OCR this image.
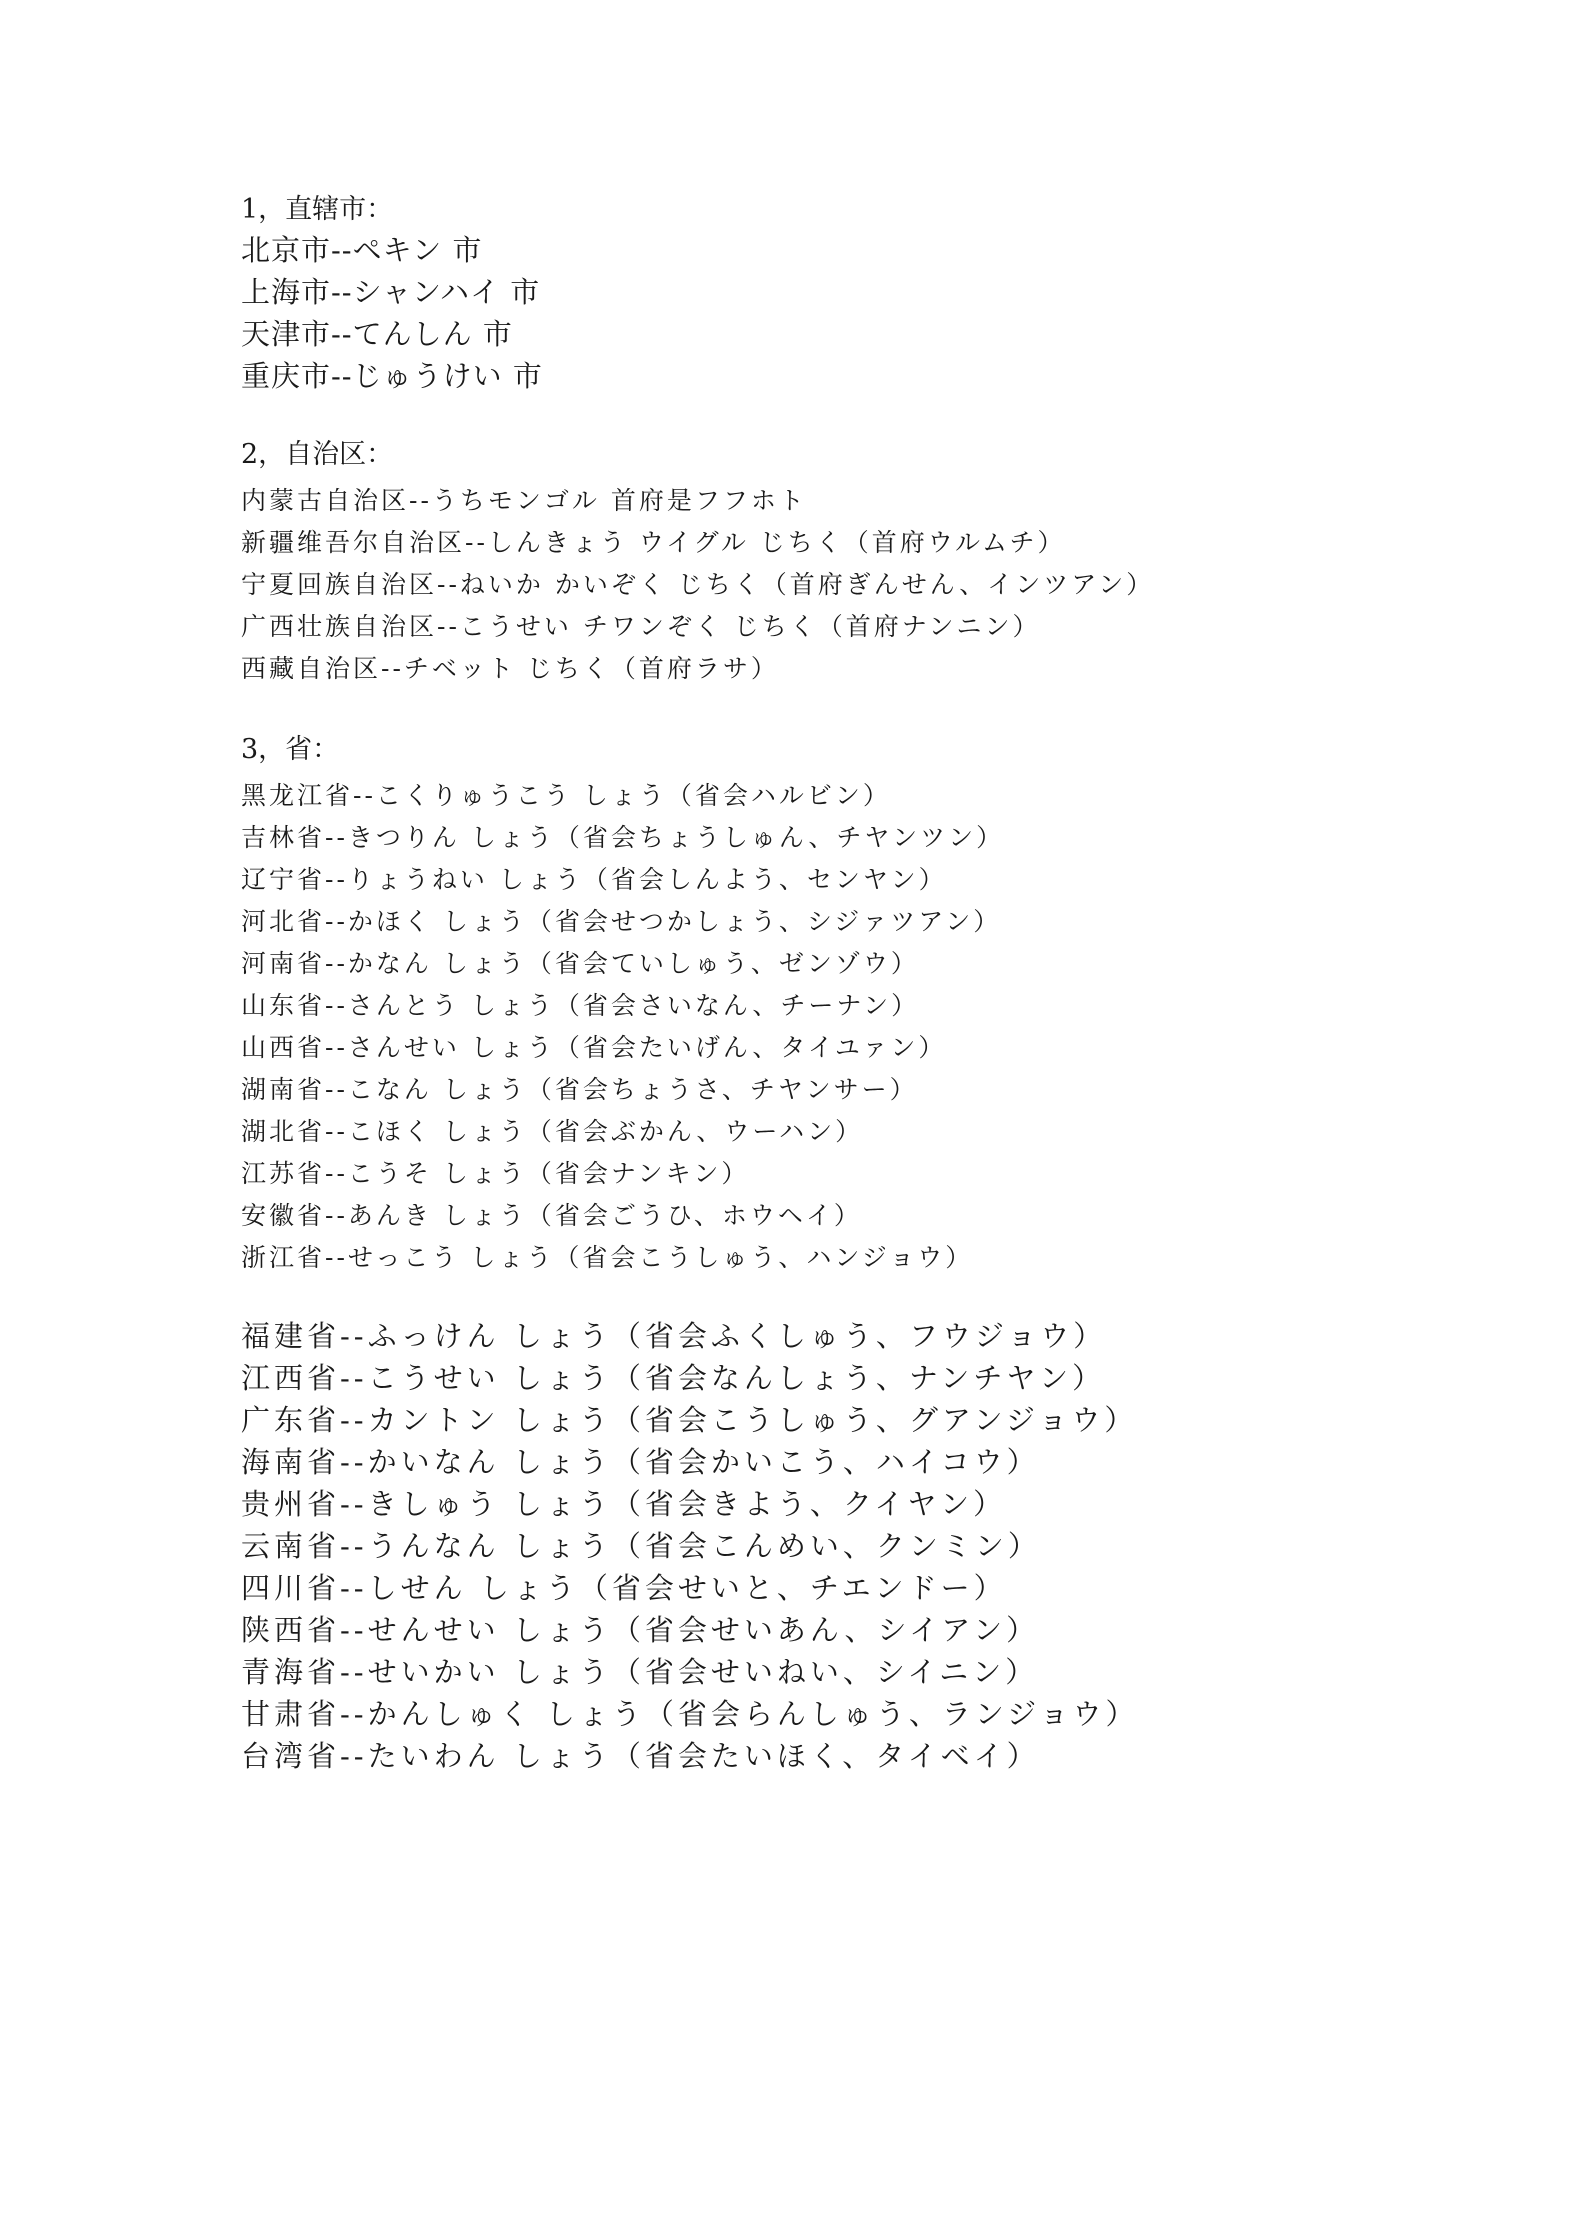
1，直辖市：
北京市--ペキン 市
上海市--シャンハイ 市
天津市--てんしん 市
重庆市--じゅうけい 市
2，自治区：
内蒙古自治区--うちモンゴル 首府是フフホト
新疆维吾尔自治区--しんきょう ウイグル じちく（首府ウルムチ）
宁夏回族自治区--ねいか かいぞく じちく（首府ぎんせん、インツアン）
广西壮族自治区--こうせい チワンぞく じちく（首府ナンニン）
西藏自治区--チベット じちく（首府ラサ）
3，省：
黑龙江省--こくりゅうこう しょう（省会ハルビン）
吉林省--きつりん しょう（省会ちょうしゅん、チヤンツン）
辽宁省--りょうねい しょう（省会しんよう、センヤン）
河北省--かほく しょう（省会せつかしょう、シジァツアン）
河南省--かなん しょう（省会ていしゅう、ゼンゾウ）
山东省--さんとう しょう（省会さいなん、チーナン）
山西省--さんせい しょう（省会たいげん、タイユァン）
湖南省--こなん しょう（省会ちょうさ、チヤンサー）
湖北省--こほく しょう（省会ぶかん、ウーハン）
江苏省--こうそ しょう（省会ナンキン）
安徽省--あんき しょう（省会ごうひ、ホウヘイ）
浙江省--せっこう しょう（省会こうしゅう、ハンジョウ）
福建省--ふっけん しょう（省会ふくしゅう、フウジョウ）
江西省--こうせい しょう（省会なんしょう、ナンチヤン）
广东省--カントン しょう（省会こうしゅう、グアンジョウ）
海南省--かいなん しょう（省会かいこう、ハイコウ）
贵州省--きしゅう しょう（省会きよう、クイヤン）
云南省--うんなん しょう（省会こんめい、クンミン）
四川省--しせん しょう（省会せいと、チエンドー）
陕西省--せんせい しょう（省会せいあん、シイアン）
青海省--せいかい しょう（省会せいねい、シイニン）
甘肃省--かんしゅく しょう（省会らんしゅう、ランジョウ）
台湾省--たいわん しょう（省会たいほく、タイベイ）
